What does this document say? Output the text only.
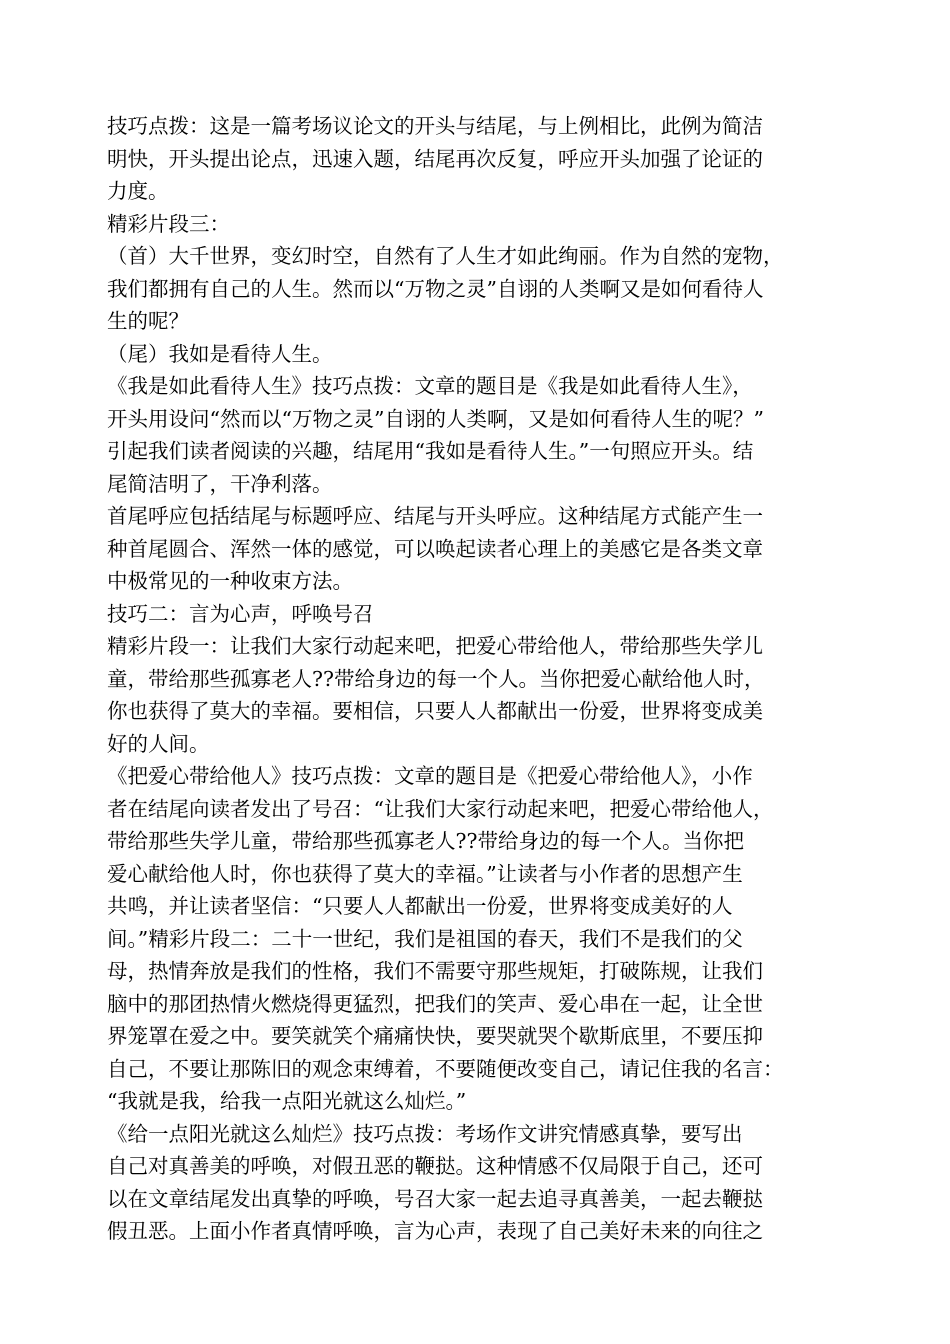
技巧点拨：这是一篇考场议论文的开头与结尾，与上例相比，此例为简洁
明快，开头提出论点，迅速入题，结尾再次反复，呼应开头加强了论证的
力度。
精彩片段三：
（首）大千世界，变幻时空，自然有了人生才如此绚丽。作为自然的宠物，
我们都拥有自己的人生。然而以“万物之灵”自诩的人类啊又是如何看待人
生的呢？
（尾）我如是看待人生。
《我是如此看待人生》技巧点拨：文章的题目是《我是如此看待人生》，
开头用设问“然而以“万物之灵”自诩的人类啊，又是如何看待人生的呢？”
引起我们读者阅读的兴趣，结尾用“我如是看待人生。”一句照应开头。结
尾简洁明了，干净利落。
首尾呼应包括结尾与标题呼应、结尾与开头呼应。这种结尾方式能产生一
种首尾圆合、浑然一体的感觉，可以唤起读者心理上的美感它是各类文章
中极常见的一种收束方法。
技巧二：言为心声，呼唤号召
精彩片段一：让我们大家行动起来吧，把爱心带给他人，带给那些失学儿
童，带给那些孤寡老人??带给身边的每一个人。当你把爱心献给他人时，
你也获得了莫大的幸福。要相信，只要人人都献出一份爱，世界将变成美
好的人间。
《把爱心带给他人》技巧点拨：文章的题目是《把爱心带给他人》，小作
者在结尾向读者发出了号召：“让我们大家行动起来吧，把爱心带给他人，
带给那些失学儿童，带给那些孤寡老人??带给身边的每一个人。当你把
爱心献给他人时，你也获得了莫大的幸福。”让读者与小作者的思想产生
共鸣，并让读者坚信：“只要人人都献出一份爱，世界将变成美好的人
间。”精彩片段二：二十一世纪，我们是祖国的春天，我们不是我们的父
母，热情奔放是我们的性格，我们不需要守那些规矩，打破陈规，让我们
脑中的那团热情火燃烧得更猛烈，把我们的笑声、爱心串在一起，让全世
界笼罩在爱之中。要笑就笑个痛痛快快，要哭就哭个歇斯底里，不要压抑
自己，不要让那陈旧的观念束缚着，不要随便改变自己，请记住我的名言：
“我就是我，给我一点阳光就这么灿烂。”
《给一点阳光就这么灿烂》技巧点拨：考场作文讲究情感真挚，要写出
自己对真善美的呼唤，对假丑恶的鞭挞。这种情感不仅局限于自己，还可
以在文章结尾发出真挚的呼唤，号召大家一起去追寻真善美，一起去鞭挞
假丑恶。上面小作者真情呼唤，言为心声，表现了自己美好未来的向往之
